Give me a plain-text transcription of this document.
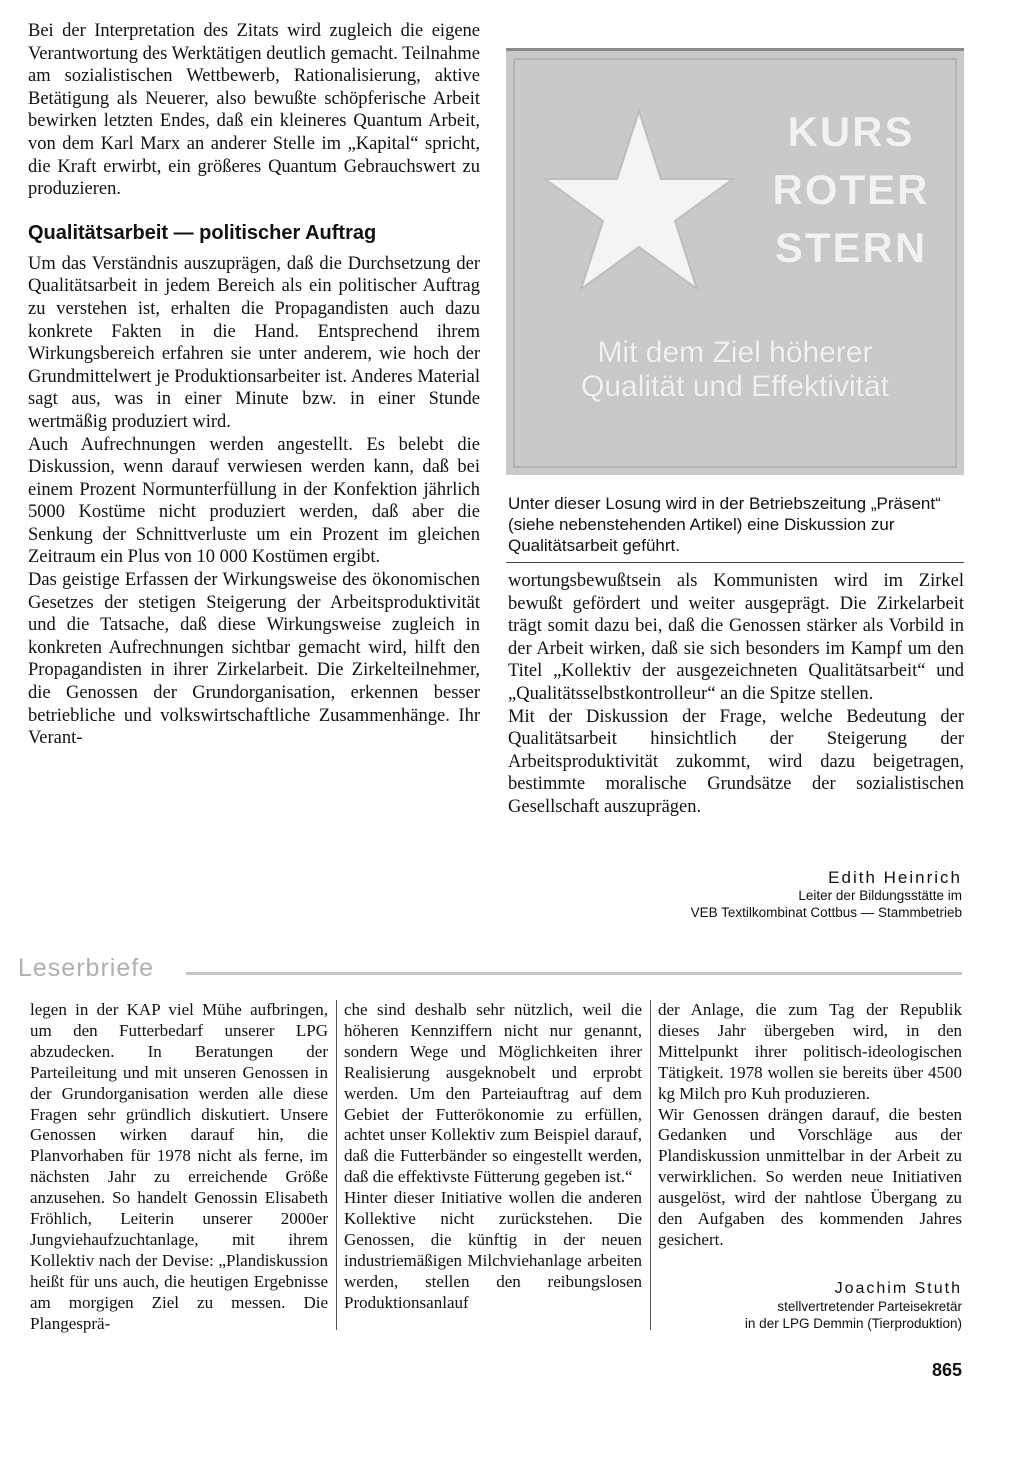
Bei der Interpretation des Zitats wird zugleich die eigene Verantwortung des Werktätigen deutlich gemacht. Teilnahme am sozialistischen Wettbewerb, Rationalisierung, aktive Betätigung als Neuerer, also bewußte schöpferische Arbeit bewirken letzten Endes, daß ein kleineres Quantum Arbeit, von dem Karl Marx an anderer Stelle im „Kapital“ spricht, die Kraft erwirbt, ein größeres Quantum Gebrauchswert zu produzieren.

Qualitätsarbeit — politischer Auftrag

Um das Verständnis auszuprägen, daß die Durchsetzung der Qualitätsarbeit in jedem Bereich als ein politischer Auftrag zu verstehen ist, erhalten die Propagandisten auch dazu konkrete Fakten in die Hand. Entsprechend ihrem Wirkungsbereich erfahren sie unter anderem, wie hoch der Grundmittelwert je Produktionsarbeiter ist. Anderes Material sagt aus, was in einer Minute bzw. in einer Stunde wertmäßig produziert wird.

Auch Aufrechnungen werden angestellt. Es belebt die Diskussion, wenn darauf verwiesen werden kann, daß bei einem Prozent Normunterfüllung in der Konfektion jährlich 5000 Kostüme nicht produziert werden, daß aber die Senkung der Schnittverluste um ein Prozent im gleichen Zeitraum ein Plus von 10 000 Kostümen ergibt.

Das geistige Erfassen der Wirkungsweise des ökonomischen Gesetzes der stetigen Steigerung der Arbeitsproduktivität und die Tatsache, daß diese Wirkungsweise zugleich in konkreten Aufrechnungen sichtbar gemacht wird, hilft den Propagandisten in ihrer Zirkelarbeit. Die Zirkelteilnehmer, die Genossen der Grundorganisation, erkennen besser betriebliche und volkswirtschaftliche Zusammenhänge. Ihr Verant-

KURS
ROTER
STERN
Mit dem Ziel höherer
Qualität und Effektivität
Unter dieser Losung wird in der Betriebszeitung „Präsent“ (siehe nebenstehenden Artikel) eine Diskussion zur Qualitätsarbeit geführt.

wortungsbewußtsein als Kommunisten wird im Zirkel bewußt gefördert und weiter ausgeprägt. Die Zirkelarbeit trägt somit dazu bei, daß die Genossen stärker als Vorbild in der Arbeit wirken, daß sie sich besonders im Kampf um den Titel „Kollektiv der ausgezeichneten Qualitätsarbeit“ und „Qualitätsselbstkontrolleur“ an die Spitze stellen.

Mit der Diskussion der Frage, welche Bedeutung der Qualitätsarbeit hinsichtlich der Steigerung der Arbeitsproduktivität zukommt, wird dazu beigetragen, bestimmte moralische Grundsätze der sozialistischen Gesellschaft auszuprägen.

Edith Heinrich
Leiter der Bildungsstätte im
VEB Textilkombinat Cottbus — Stammbetrieb
Leserbriefe

legen in der KAP viel Mühe aufbringen, um den Futterbedarf unserer LPG abzudecken. In Beratungen der Parteileitung und mit unseren Genossen in der Grundorganisation werden alle diese Fragen sehr gründlich diskutiert. Unsere Genossen wirken darauf hin, die Planvorhaben für 1978 nicht als ferne, im nächsten Jahr zu erreichende Größe anzusehen. So handelt Genossin Elisabeth Fröhlich, Leiterin unserer 2000er Jungviehaufzuchtanlage, mit ihrem Kollektiv nach der Devise: „Plandiskussion heißt für uns auch, die heutigen Ergebnisse am morgigen Ziel zu messen. Die Plangesprä-

che sind deshalb sehr nützlich, weil die höheren Kennziffern nicht nur genannt, sondern Wege und Möglichkeiten ihrer Realisierung ausgeknobelt und erprobt werden. Um den Parteiauftrag auf dem Gebiet der Futterökonomie zu erfüllen, achtet unser Kollektiv zum Beispiel darauf, daß die Futterbänder so eingestellt werden, daß die effektivste Fütterung gegeben ist.“

Hinter dieser Initiative wollen die anderen Kollektive nicht zurückstehen. Die Genossen, die künftig in der neuen industriemäßigen Milchviehanlage arbeiten werden, stellen den reibungslosen Produktionsanlauf

der Anlage, die zum Tag der Republik dieses Jahr übergeben wird, in den Mittelpunkt ihrer politisch-ideologischen Tätigkeit. 1978 wollen sie bereits über 4500 kg Milch pro Kuh produzieren.

Wir Genossen drängen darauf, die besten Gedanken und Vorschläge aus der Plandiskussion unmittelbar in der Arbeit zu verwirklichen. So werden neue Initiativen ausgelöst, wird der nahtlose Übergang zu den Aufgaben des kommenden Jahres gesichert.

Joachim Stuth
stellvertretender Parteisekretär
in der LPG Demmin (Tierproduktion)
865
